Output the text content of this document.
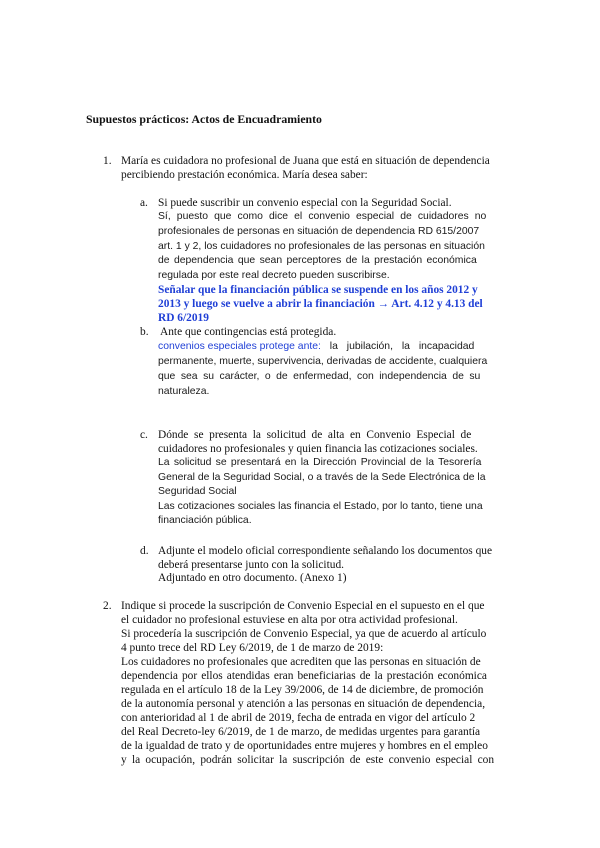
Supuestos prácticos: Actos de Encuadramiento
1. María es cuidadora no profesional de Juana que está en situación de dependencia
percibiendo prestación económica. María desea saber:
a. Si puede suscribir un convenio especial con la Seguridad Social.
Sí, puesto que como dice el convenio especial de cuidadores no
profesionales de personas en situación de dependencia RD 615/2007
art. 1 y 2, los cuidadores no profesionales de las personas en situación
de dependencia que sean perceptores de la prestación económica
regulada por este real decreto pueden suscribirse.
Señalar que la financiación pública se suspende en los años 2012 y
2013 y luego se vuelve a abrir la financiación → Art. 4.12 y 4.13 del
RD 6/2019
b. Ante que contingencias está protegida.
convenios especiales protege ante: la jubilación, la incapacidad
permanente, muerte, supervivencia, derivadas de accidente, cualquiera
que sea su carácter, o de enfermedad, con independencia de su
naturaleza.
c. Dónde se presenta la solicitud de alta en Convenio Especial de
cuidadores no profesionales y quien financia las cotizaciones sociales.
La solicitud se presentará en la Dirección Provincial de la Tesorería
General de la Seguridad Social, o a través de la Sede Electrónica de la
Seguridad Social
Las cotizaciones sociales las financia el Estado, por lo tanto, tiene una
financiación pública.
d. Adjunte el modelo oficial correspondiente señalando los documentos que
deberá presentarse junto con la solicitud.
Adjuntado en otro documento. (Anexo 1)
2. Indique si procede la suscripción de Convenio Especial en el supuesto en el que
el cuidador no profesional estuviese en alta por otra actividad profesional.
Si procedería la suscripción de Convenio Especial, ya que de acuerdo al artículo
4 punto trece del RD Ley 6/2019, de 1 de marzo de 2019:
Los cuidadores no profesionales que acrediten que las personas en situación de
dependencia por ellos atendidas eran beneficiarias de la prestación económica
regulada en el artículo 18 de la Ley 39/2006, de 14 de diciembre, de promoción
de la autonomía personal y atención a las personas en situación de dependencia,
con anterioridad al 1 de abril de 2019, fecha de entrada en vigor del artículo 2
del Real Decreto-ley 6/2019, de 1 de marzo, de medidas urgentes para garantía
de la igualdad de trato y de oportunidades entre mujeres y hombres en el empleo
y la ocupación, podrán solicitar la suscripción de este convenio especial con
